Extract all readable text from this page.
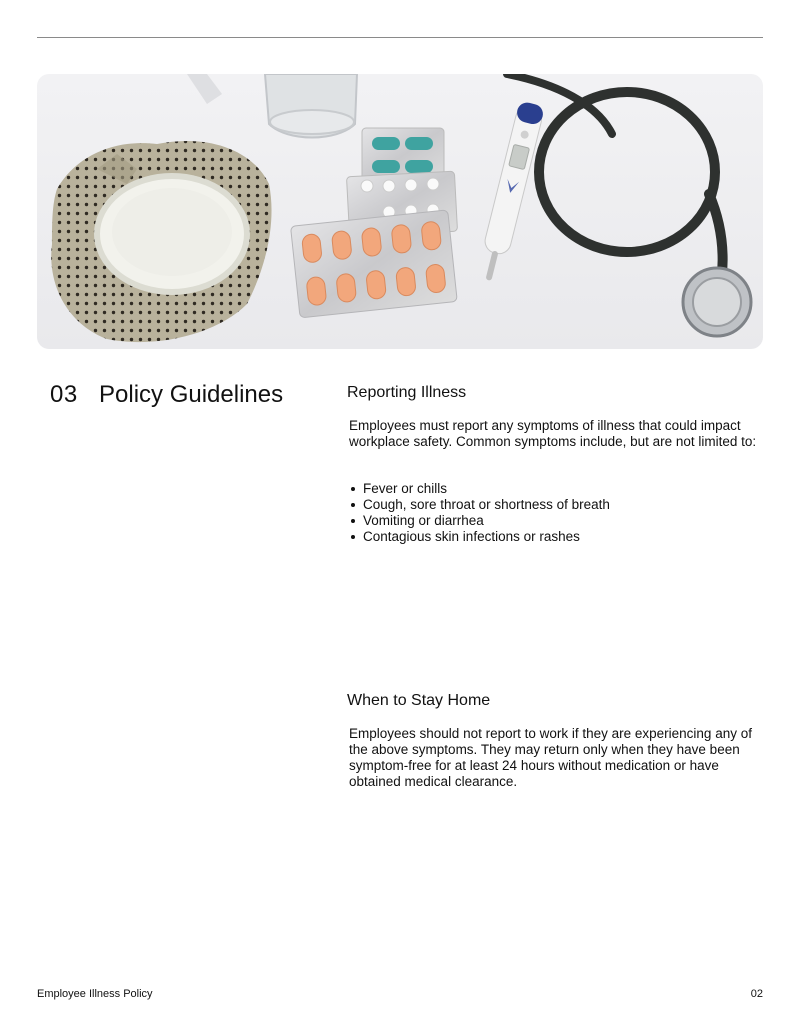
03 Policy Guidelines	Reporting Illness
Employees must report any symptoms of illness that could impact workplace safety. Common symptoms include, but are not limited to:
Fever or chills
Cough, sore throat or shortness of breath
Vomiting or diarrhea
Contagious skin infections or rashes
When to Stay Home
Employees should not report to work if they are experiencing any of the above symptoms. They may return only when they have been symptom-free for at least 24 hours without medication or have obtained medical clearance.
Employee Illness Policy	02
